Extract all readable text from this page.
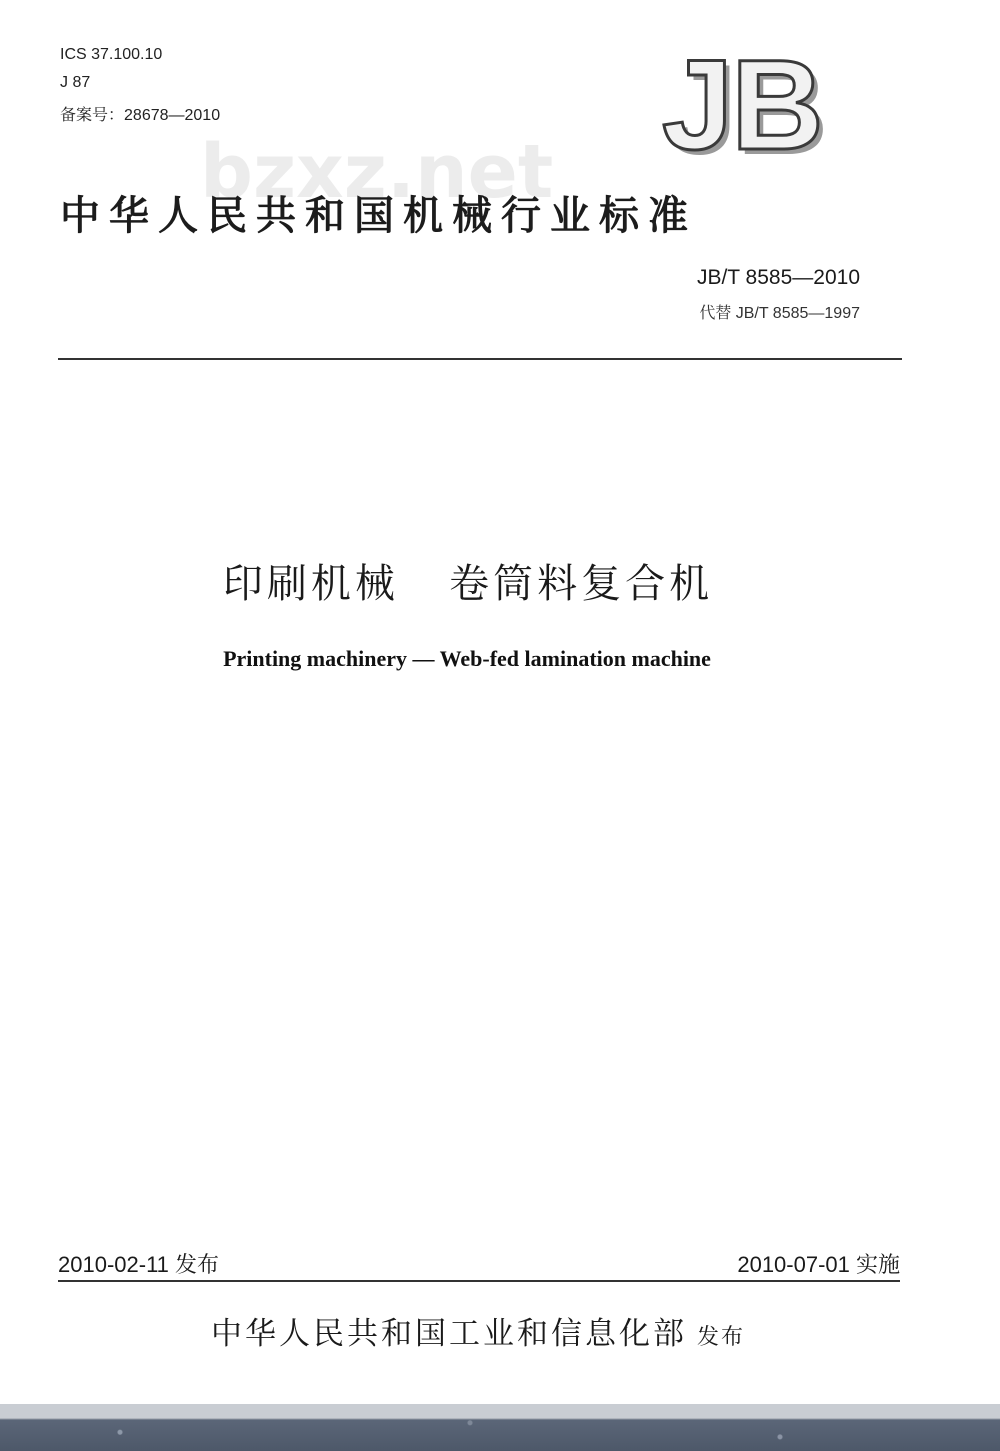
ICS 37.100.10
J 87
备案号：28678—2010	JB
bzxz.net
中华人民共和国机械行业标准
JB/T 8585—2010
代替 JB/T 8585—1997
印刷机械   卷筒料复合机
Printing machinery — Web-fed lamination machine
2010-02-11 发布	2010-07-01 实施
中华人民共和国工业和信息化部 发布
